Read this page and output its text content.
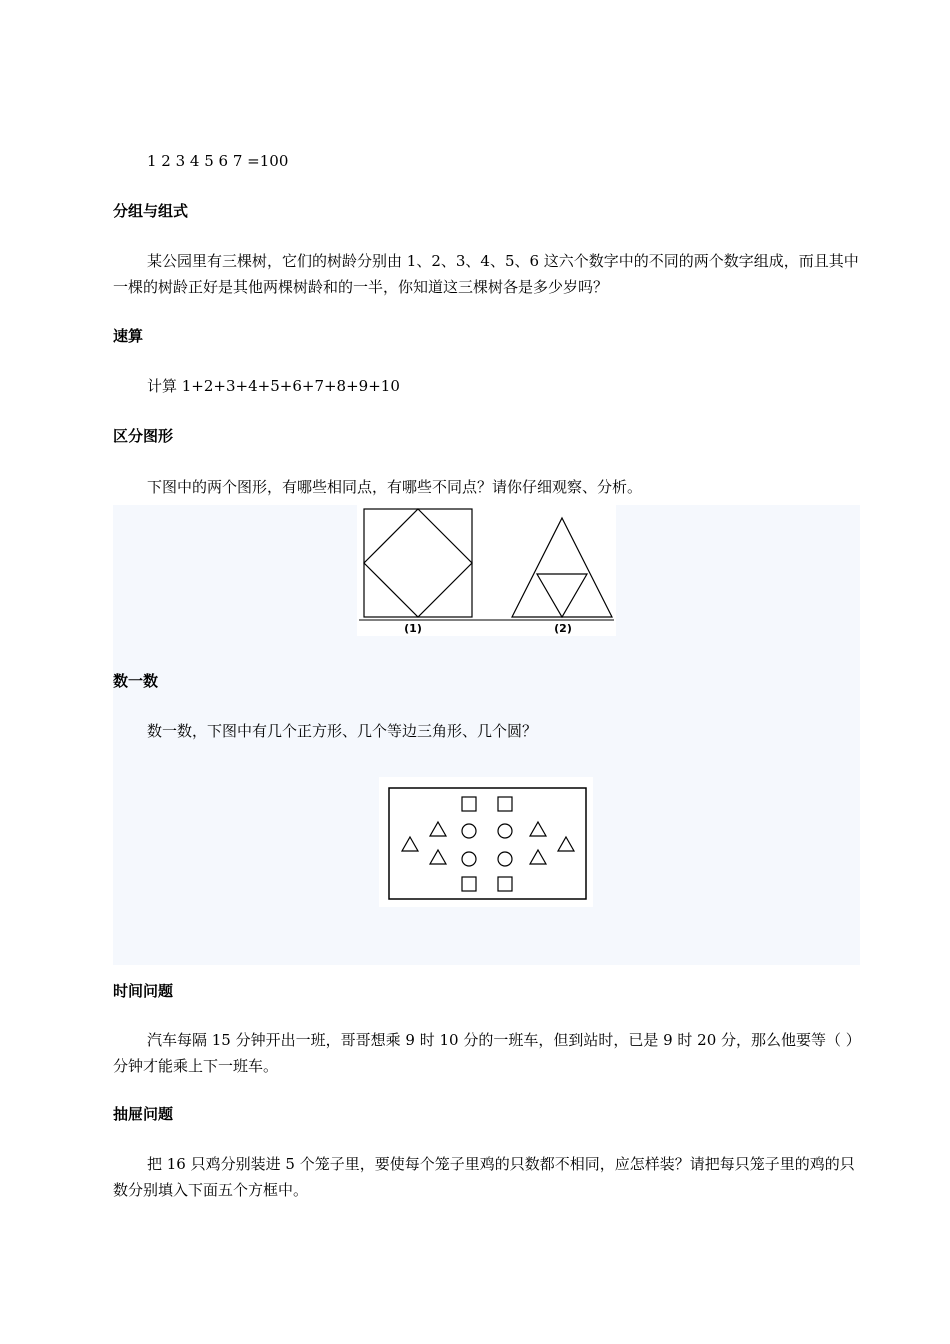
1 2 3 4 5 6 7 =100

分组与组式

某公园里有三棵树，它们的树龄分别由 1、2、3、4、5、6 这六个数字中的不同的两个数字组成，而且其中一棵的树龄正好是其他两棵树龄和的一半，你知道这三棵树各是多少岁吗？

速算

计算 1+2+3+4+5+6+7+8+9+10

区分图形

下图中的两个图形，有哪些相同点，有哪些不同点？请你仔细观察、分析。

(1)	(2)

数一数

数一数，下图中有几个正方形、几个等边三角形、几个圆？

时间问题

汽车每隔 15 分钟开出一班，哥哥想乘 9 时 10 分的一班车，但到站时，已是 9 时 20 分，那么他要等（ ）分钟才能乘上下一班车。

抽屉问题

把 16 只鸡分别装进 5 个笼子里，要使每个笼子里鸡的只数都不相同，应怎样装？请把每只笼子里的鸡的只数分别填入下面五个方框中。
